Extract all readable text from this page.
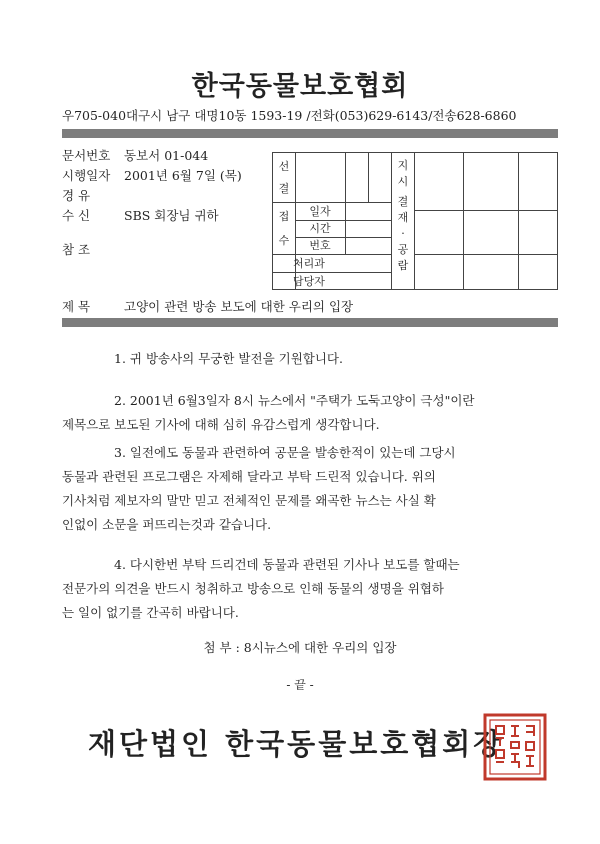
한국동물보호협회
우705-040대구시 남구 대명10동 1593-19 /전화(053)629-6143/전송628-6860
문서번호 동보서 01-044
시행일자 2001년 6월 7일 (목)
경 유
수 신	SBS 회장님 귀하
참 조
선
결
접
수
일자
시간
번호
처리과
담당자
지
시
결
재
·
공
람
제 목	고양이 관련 방송 보도에 대한 우리의 입장

1. 귀 방송사의 무궁한 발전을 기원합니다.

2. 2001년 6월3일자 8시 뉴스에서 "주택가 도둑고양이 극성"이란

제목으로 보도된 기사에 대해 심히 유감스럽게 생각합니다.

3. 일전에도 동물과 관련하여 공문을 발송한적이 있는데 그당시

동물과 관련된 프로그램은 자제해 달라고 부탁 드린적 있습니다. 위의

기사처럼 제보자의 말만 믿고 전체적인 문제를 왜곡한 뉴스는 사실 확

인없이 소문을 퍼뜨리는것과 같습니다.

4. 다시한번 부탁 드리건데 동물과 관련된 기사나 보도를 할때는

전문가의 의견을 반드시 청취하고 방송으로 인해 동물의 생명을 위협하

는 일이 없기를 간곡히 바랍니다.

첨 부 : 8시뉴스에 대한 우리의 입장
- 끝 -
재단법인 한국동물보호협회장
